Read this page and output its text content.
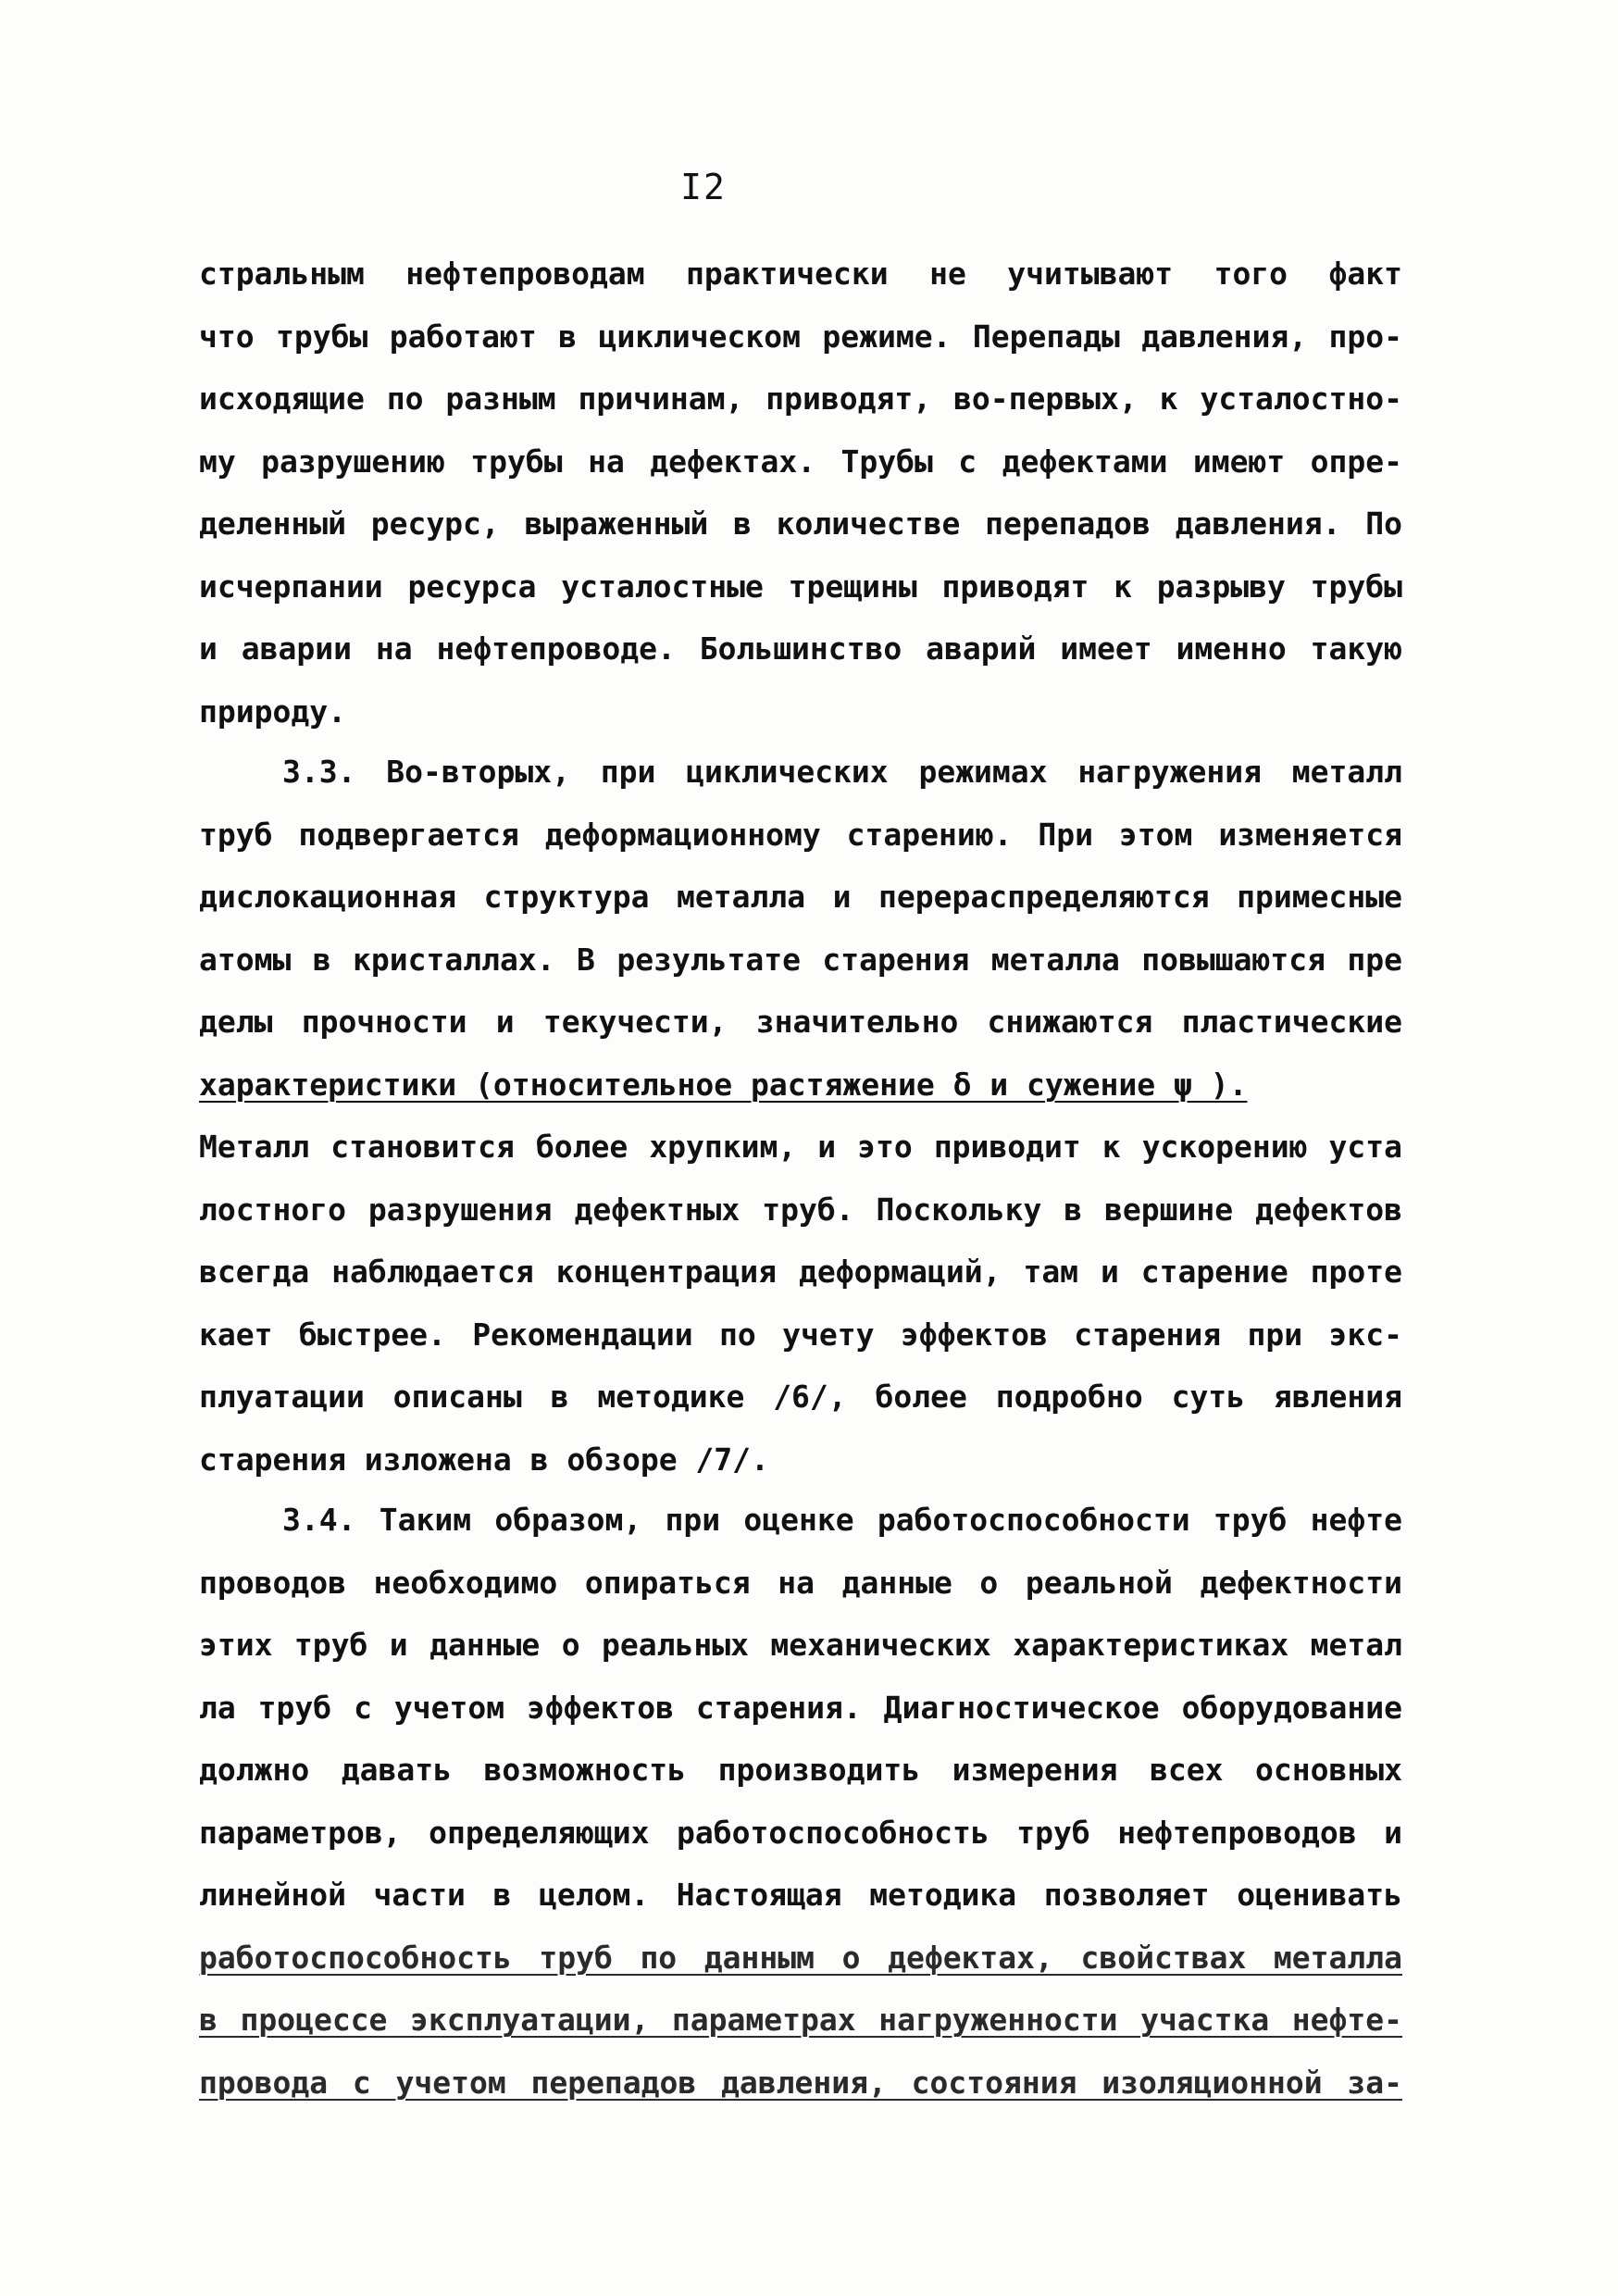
I2
стральным нефтепроводам практически не учитывают того факт
что трубы работают в циклическом режиме. Перепады давления, про-
исходящие по разным причинам, приводят, во-первых, к усталостно-
му разрушению трубы на дефектах. Трубы с дефектами имеют опре-
деленный ресурс, выраженный в количестве перепадов давления. По
исчерпании ресурса усталостные трещины приводят к разрыву трубы
и аварии на нефтепроводе. Большинство аварий имеет именно такую
природу.
3.3. Во-вторых, при циклических режимах нагружения металл
труб подвергается деформационному старению. При этом изменяется
дислокационная структура металла и перераспределяются примесные
атомы в кристаллах. В результате старения металла повышаются пре
делы прочности и текучести, значительно снижаются пластические
характеристики (относительное растяжение δ и сужение ψ ).
Металл становится более хрупким, и это приводит к ускорению уста
лостного разрушения дефектных труб. Поскольку в вершине дефектов
всегда наблюдается концентрация деформаций, там и старение проте
кает быстрее. Рекомендации по учету эффектов старения при экс-
плуатации описаны в методике /6/, более подробно суть явления
старения изложена в обзоре /7/.
3.4. Таким образом, при оценке работоспособности труб нефте
проводов необходимо опираться на данные о реальной дефектности
этих труб и данные о реальных механических характеристиках метал
ла труб с учетом эффектов старения. Диагностическое оборудование
должно давать возможность производить измерения всех основных
параметров, определяющих работоспособность труб нефтепроводов и
линейной части в целом. Настоящая методика позволяет оценивать
работоспособность труб по данным о дефектах, свойствах металла
в процессе эксплуатации, параметрах нагруженности участка нефте-
провода с учетом перепадов давления, состояния изоляционной за-
